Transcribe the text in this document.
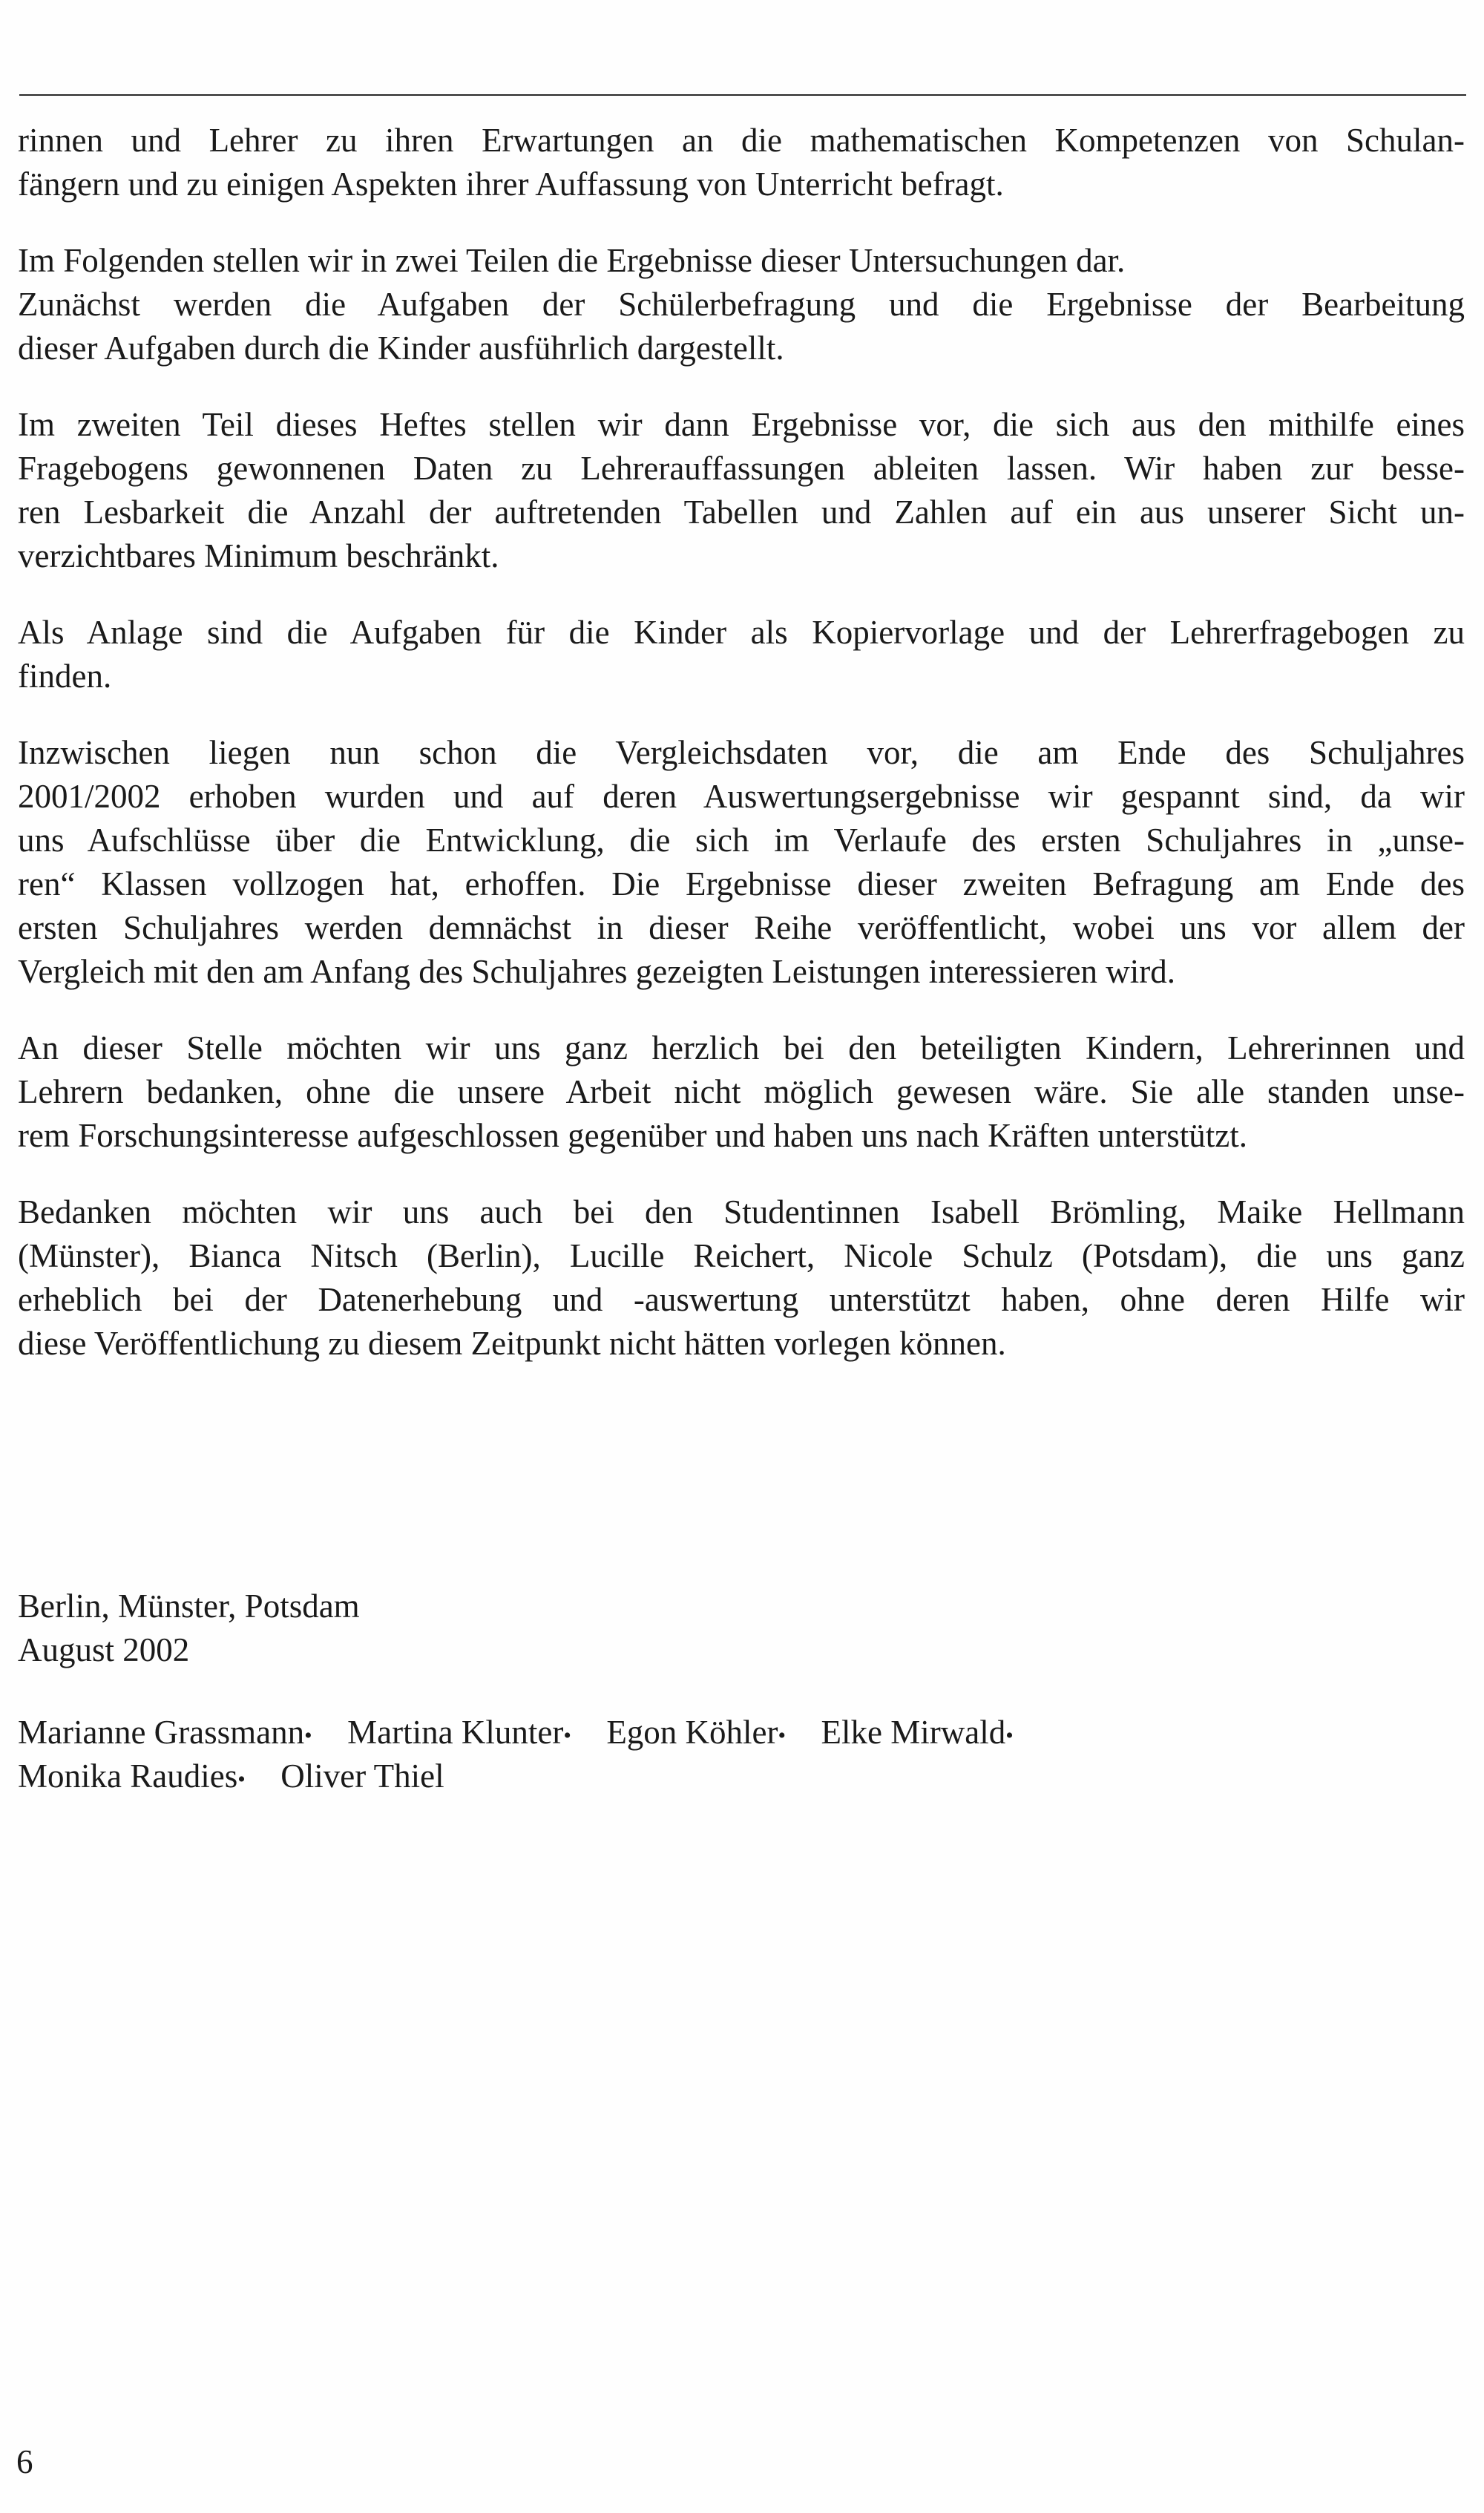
rinnen und Lehrer zu ihren Erwartungen an die mathematischen Kompetenzen von Schulan-
fängern und zu einigen Aspekten ihrer Auffassung von Unterricht befragt.

Im Folgenden stellen wir in zwei Teilen die Ergebnisse dieser Untersuchungen dar.
Zunächst werden die Aufgaben der Schülerbefragung und die Ergebnisse der Bearbeitung
dieser Aufgaben durch die Kinder ausführlich dargestellt.

Im zweiten Teil dieses Heftes stellen wir dann Ergebnisse vor, die sich aus den mithilfe eines
Fragebogens gewonnenen Daten zu Lehrerauffassungen ableiten lassen. Wir haben zur besse-
ren Lesbarkeit die Anzahl der auftretenden Tabellen und Zahlen auf ein aus unserer Sicht un-
verzichtbares Minimum beschränkt.

Als Anlage sind die Aufgaben für die Kinder als Kopiervorlage und der Lehrerfragebogen zu
finden.

Inzwischen liegen nun schon die Vergleichsdaten vor, die am Ende des Schuljahres
2001/2002 erhoben wurden und auf deren Auswertungsergebnisse wir gespannt sind, da wir
uns Aufschlüsse über die Entwicklung, die sich im Verlaufe des ersten Schuljahres in „unse-
ren“ Klassen vollzogen hat, erhoffen. Die Ergebnisse dieser zweiten Befragung am Ende des
ersten Schuljahres werden demnächst in dieser Reihe veröffentlicht, wobei uns vor allem der
Vergleich mit den am Anfang des Schuljahres gezeigten Leistungen interessieren wird.

An dieser Stelle möchten wir uns ganz herzlich bei den beteiligten Kindern, Lehrerinnen und
Lehrern bedanken, ohne die unsere Arbeit nicht möglich gewesen wäre. Sie alle standen unse-
rem Forschungsinteresse aufgeschlossen gegenüber und haben uns nach Kräften unterstützt.

Bedanken möchten wir uns auch bei den Studentinnen Isabell Brömling, Maike Hellmann
(Münster), Bianca Nitsch (Berlin), Lucille Reichert, Nicole Schulz (Potsdam), die uns ganz
erheblich bei der Datenerhebung und -auswertung unterstützt haben, ohne deren Hilfe wir
diese Veröffentlichung zu diesem Zeitpunkt nicht hätten vorlegen können.

Berlin, Münster, Potsdam
August 2002
Marianne Grassmann• Martina Klunter• Egon Köhler• Elke Mirwald•
Monika Raudies• Oliver Thiel
6
